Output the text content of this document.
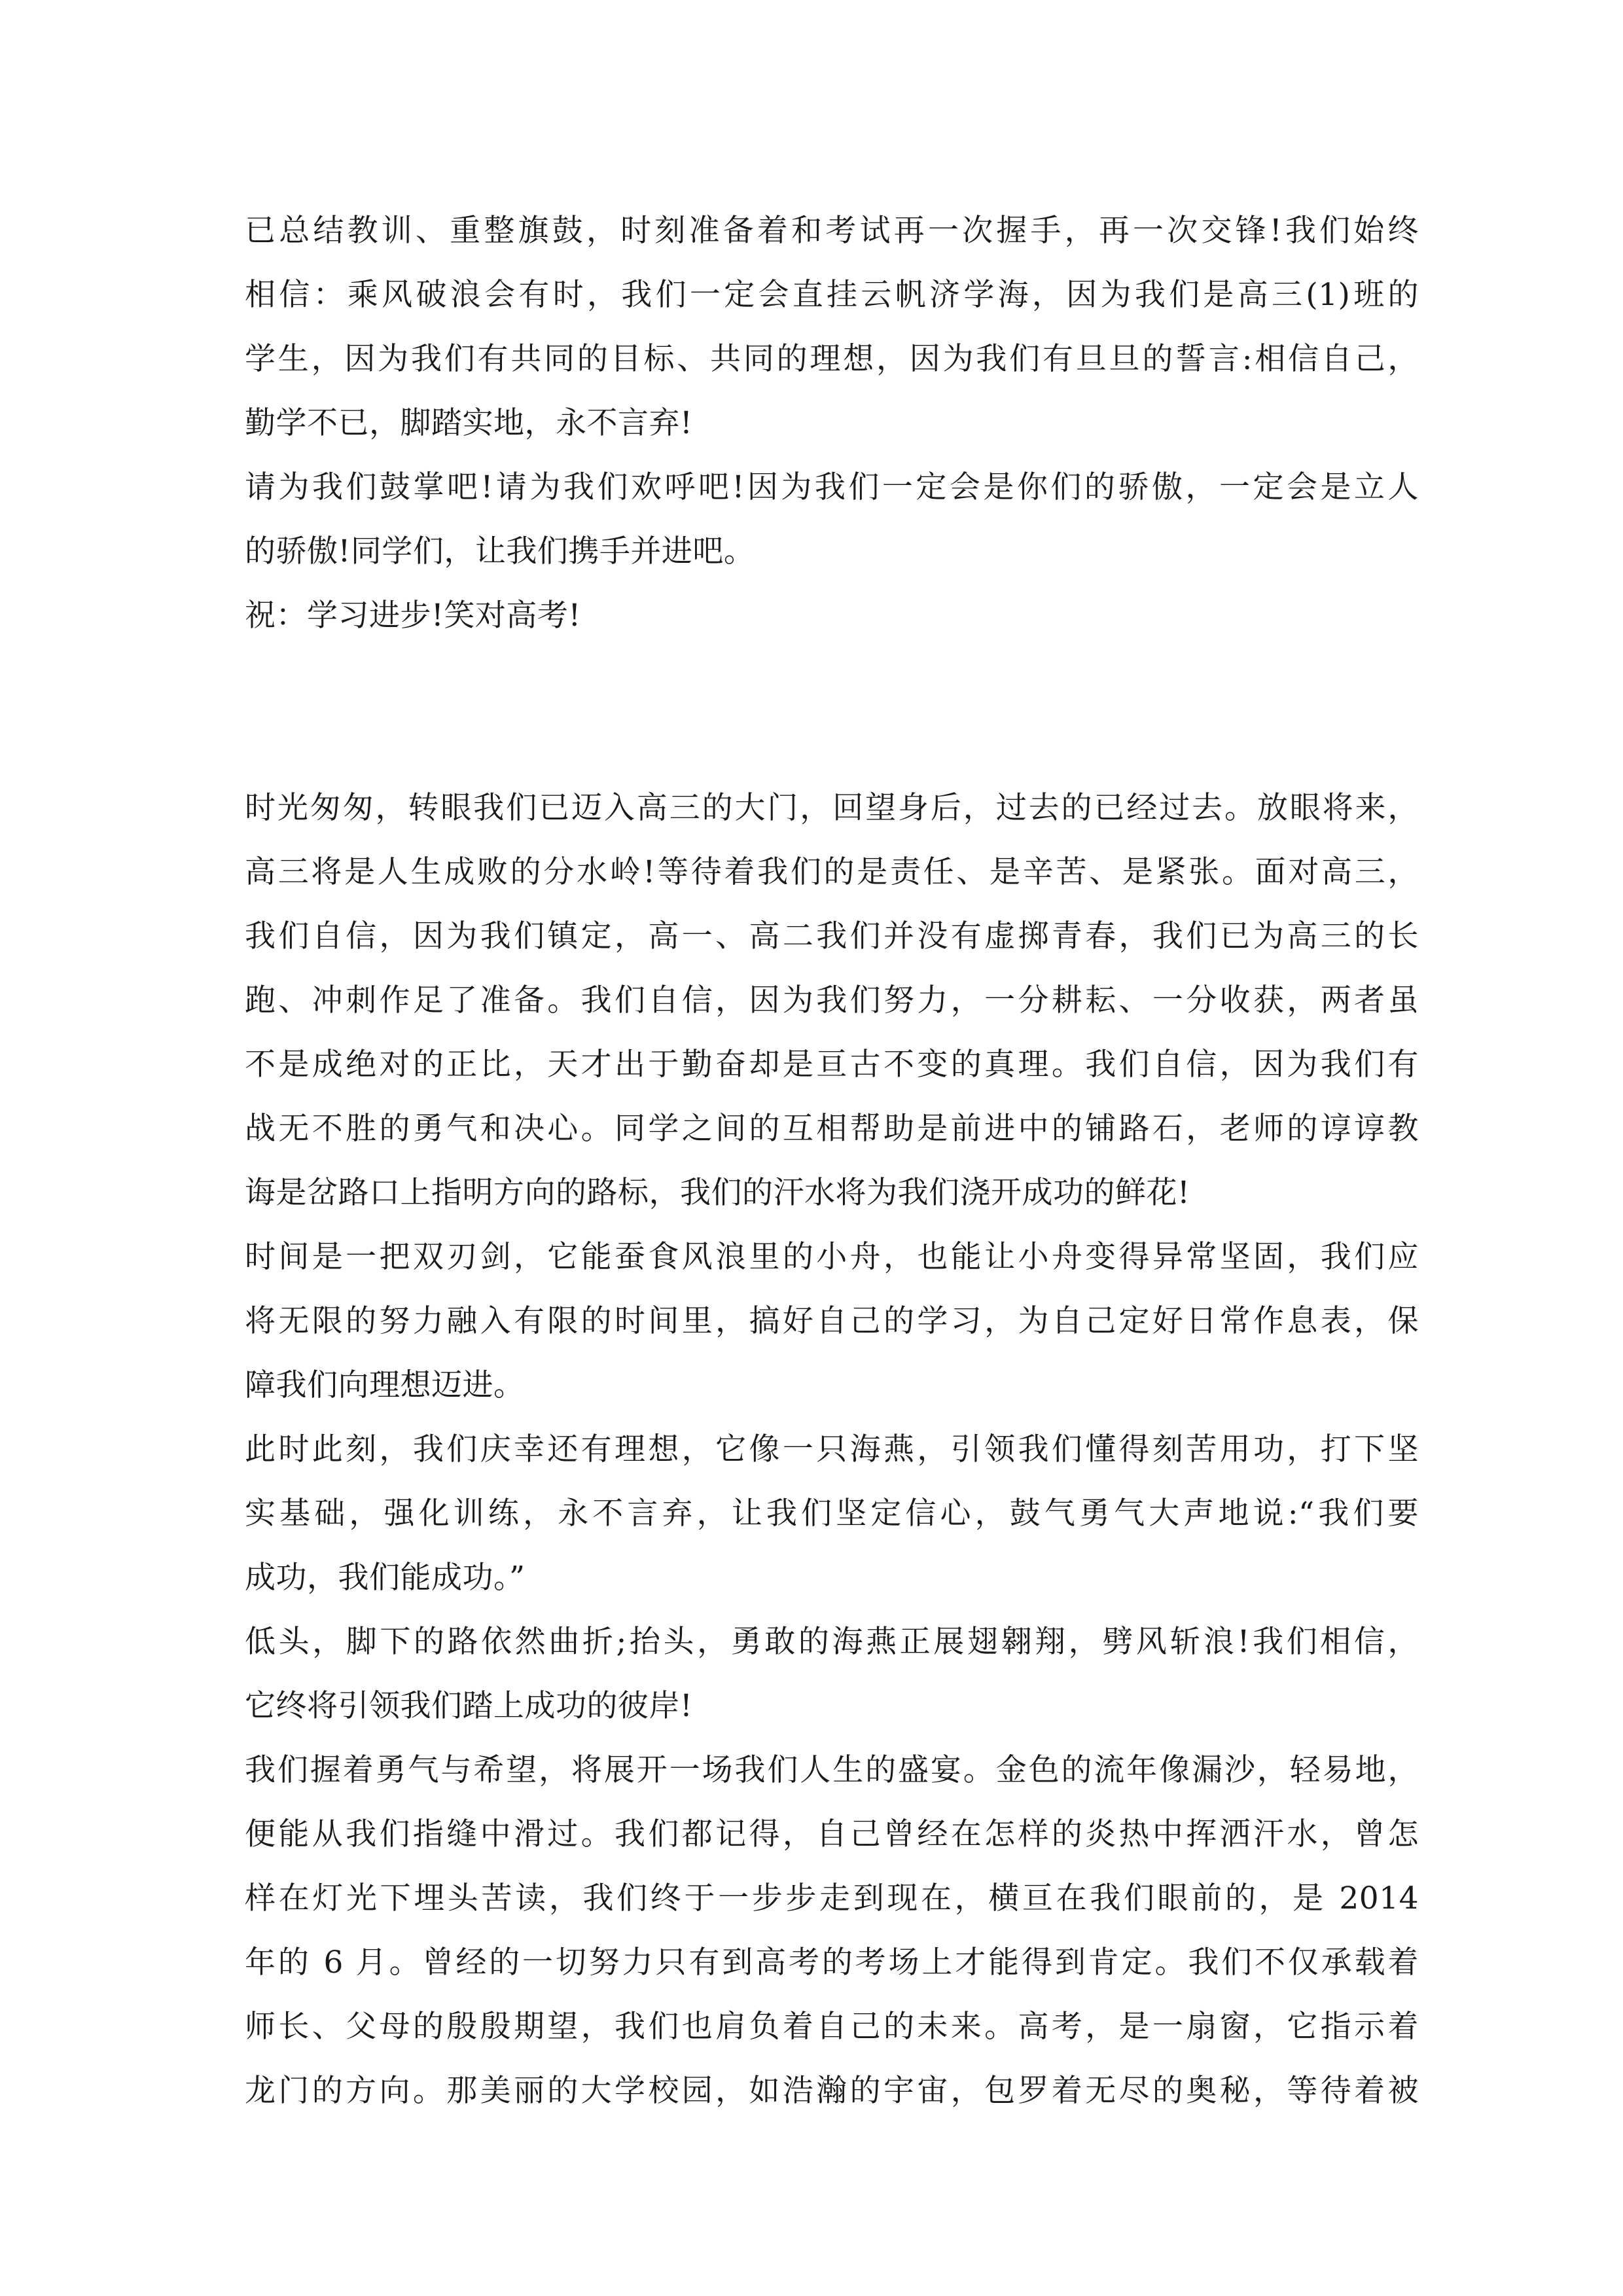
已总结教训、重整旗鼓，时刻准备着和考试再一次握手，再一次交锋!我们始终
相信：乘风破浪会有时，我们一定会直挂云帆济学海，因为我们是高三(1)班的
学生，因为我们有共同的目标、共同的理想，因为我们有旦旦的誓言:相信自己，
勤学不已，脚踏实地，永不言弃!
请为我们鼓掌吧!请为我们欢呼吧!因为我们一定会是你们的骄傲，一定会是立人
的骄傲!同学们，让我们携手并进吧。
祝：学习进步!笑对高考!
时光匆匆，转眼我们已迈入高三的大门，回望身后，过去的已经过去。放眼将来，
高三将是人生成败的分水岭!等待着我们的是责任、是辛苦、是紧张。面对高三，
我们自信，因为我们镇定，高一、高二我们并没有虚掷青春，我们已为高三的长
跑、冲刺作足了准备。我们自信，因为我们努力，一分耕耘、一分收获，两者虽
不是成绝对的正比，天才出于勤奋却是亘古不变的真理。我们自信，因为我们有
战无不胜的勇气和决心。同学之间的互相帮助是前进中的铺路石，老师的谆谆教
诲是岔路口上指明方向的路标，我们的汗水将为我们浇开成功的鲜花!
时间是一把双刃剑，它能蚕食风浪里的小舟，也能让小舟变得异常坚固，我们应
将无限的努力融入有限的时间里，搞好自己的学习，为自己定好日常作息表，保
障我们向理想迈进。
此时此刻，我们庆幸还有理想，它像一只海燕，引领我们懂得刻苦用功，打下坚
实基础，强化训练，永不言弃，让我们坚定信心，鼓气勇气大声地说:“我们要
成功，我们能成功。”
低头，脚下的路依然曲折;抬头，勇敢的海燕正展翅翱翔，劈风斩浪!我们相信，
它终将引领我们踏上成功的彼岸!
我们握着勇气与希望，将展开一场我们人生的盛宴。金色的流年像漏沙，轻易地，
便能从我们指缝中滑过。我们都记得，自己曾经在怎样的炎热中挥洒汗水，曾怎
样在灯光下埋头苦读，我们终于一步步走到现在，横亘在我们眼前的，是 2014
年的 6 月。曾经的一切努力只有到高考的考场上才能得到肯定。我们不仅承载着
师长、父母的殷殷期望，我们也肩负着自己的未来。高考，是一扇窗，它指示着
龙门的方向。那美丽的大学校园，如浩瀚的宇宙，包罗着无尽的奥秘，等待着被
